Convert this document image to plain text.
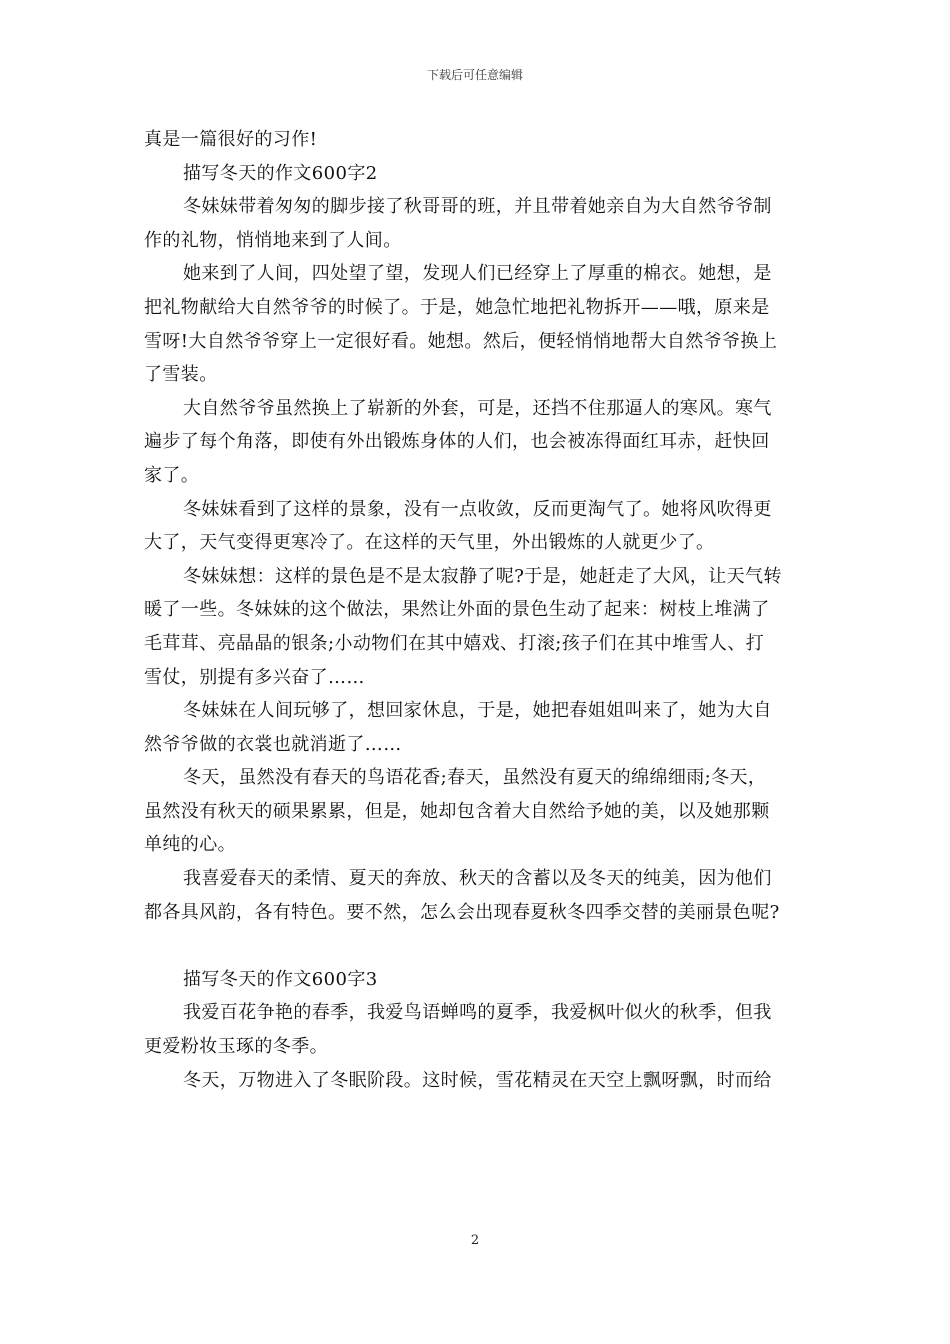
下载后可任意编辑
真是一篇很好的习作!
描写冬天的作文600字2
冬妹妹带着匆匆的脚步接了秋哥哥的班，并且带着她亲自为大自然爷爷制
作的礼物，悄悄地来到了人间。
她来到了人间，四处望了望，发现人们已经穿上了厚重的棉衣。她想，是
把礼物献给大自然爷爷的时候了。于是，她急忙地把礼物拆开——哦，原来是
雪呀!大自然爷爷穿上一定很好看。她想。然后，便轻悄悄地帮大自然爷爷换上
了雪装。
大自然爷爷虽然换上了崭新的外套，可是，还挡不住那逼人的寒风。寒气
遍步了每个角落，即使有外出锻炼身体的人们，也会被冻得面红耳赤，赶快回
家了。
冬妹妹看到了这样的景象，没有一点收敛，反而更淘气了。她将风吹得更
大了，天气变得更寒冷了。在这样的天气里，外出锻炼的人就更少了。
冬妹妹想：这样的景色是不是太寂静了呢?于是，她赶走了大风，让天气转
暖了一些。冬妹妹的这个做法，果然让外面的景色生动了起来：树枝上堆满了
毛茸茸、亮晶晶的银条;小动物们在其中嬉戏、打滚;孩子们在其中堆雪人、打
雪仗，别提有多兴奋了……
冬妹妹在人间玩够了，想回家休息，于是，她把春姐姐叫来了，她为大自
然爷爷做的衣裳也就消逝了……
冬天，虽然没有春天的鸟语花香;春天，虽然没有夏天的绵绵细雨;冬天，
虽然没有秋天的硕果累累，但是，她却包含着大自然给予她的美，以及她那颗
单纯的心。
我喜爱春天的柔情、夏天的奔放、秋天的含蓄以及冬天的纯美，因为他们
都各具风韵，各有特色。要不然，怎么会出现春夏秋冬四季交替的美丽景色呢?
描写冬天的作文600字3
我爱百花争艳的春季，我爱鸟语蝉鸣的夏季，我爱枫叶似火的秋季，但我
更爱粉妆玉琢的冬季。
冬天，万物进入了冬眠阶段。这时候，雪花精灵在天空上飘呀飘，时而给
2
